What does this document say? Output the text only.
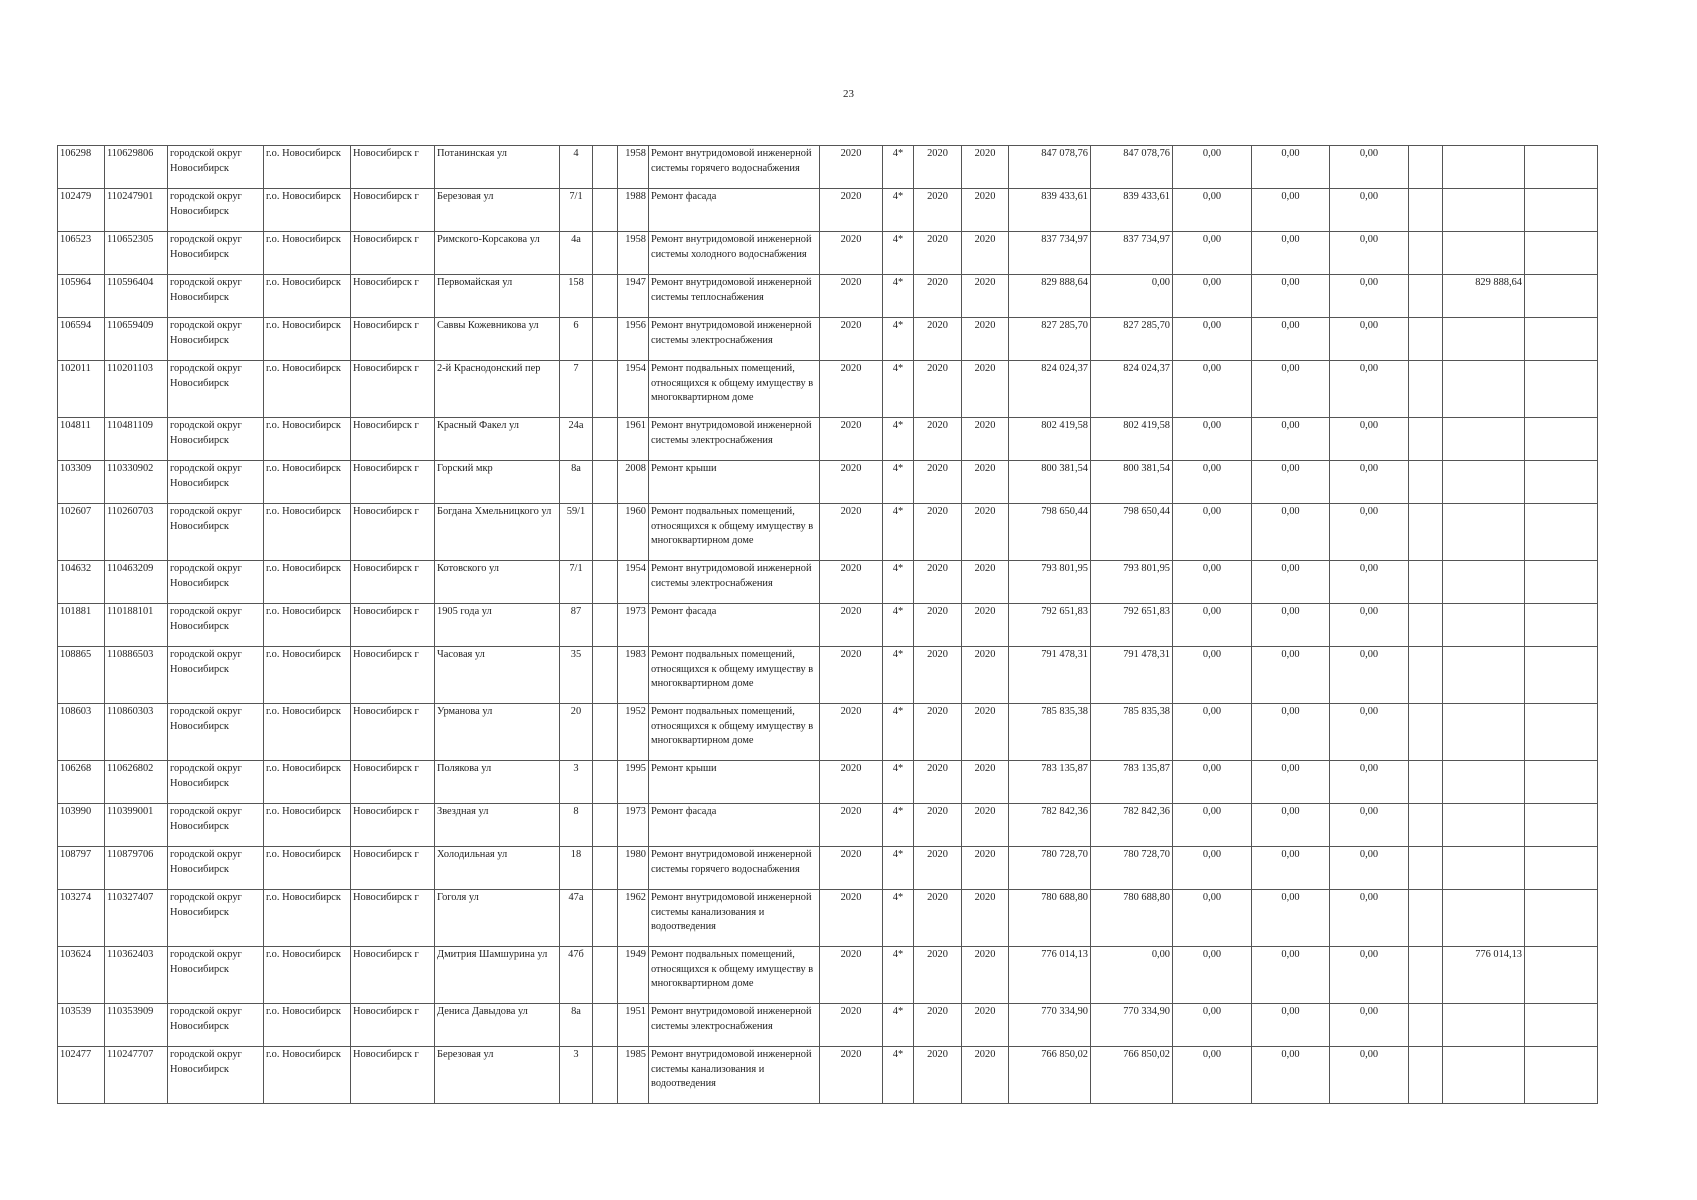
23
106298	110629806	городской округ Новосибирск	г.о. Новосибирск	Новосибирск г	Потанинская ул	4		1958	Ремонт внутридомовой инженерной системы горячего водоснабжения	2020	4*	2020	2020	847 078,76	847 078,76	0,00	0,00	0,00			
102479	110247901	городской округ Новосибирск	г.о. Новосибирск	Новосибирск г	Березовая ул	7/1		1988	Ремонт фасада	2020	4*	2020	2020	839 433,61	839 433,61	0,00	0,00	0,00			
106523	110652305	городской округ Новосибирск	г.о. Новосибирск	Новосибирск г	Римского-Корсакова ул	4а		1958	Ремонт внутридомовой инженерной системы холодного водоснабжения	2020	4*	2020	2020	837 734,97	837 734,97	0,00	0,00	0,00			
105964	110596404	городской округ Новосибирск	г.о. Новосибирск	Новосибирск г	Первомайская ул	158		1947	Ремонт внутридомовой инженерной системы теплоснабжения	2020	4*	2020	2020	829 888,64	0,00	0,00	0,00	0,00		829 888,64	
106594	110659409	городской округ Новосибирск	г.о. Новосибирск	Новосибирск г	Саввы Кожевникова ул	6		1956	Ремонт внутридомовой инженерной системы электроснабжения	2020	4*	2020	2020	827 285,70	827 285,70	0,00	0,00	0,00			
102011	110201103	городской округ Новосибирск	г.о. Новосибирск	Новосибирск г	2-й Краснодонский пер	7		1954	Ремонт подвальных помещений, относящихся к общему имуществу в многоквартирном доме	2020	4*	2020	2020	824 024,37	824 024,37	0,00	0,00	0,00			
104811	110481109	городской округ Новосибирск	г.о. Новосибирск	Новосибирск г	Красный Факел ул	24а		1961	Ремонт внутридомовой инженерной системы электроснабжения	2020	4*	2020	2020	802 419,58	802 419,58	0,00	0,00	0,00			
103309	110330902	городской округ Новосибирск	г.о. Новосибирск	Новосибирск г	Горский мкр	8а		2008	Ремонт крыши	2020	4*	2020	2020	800 381,54	800 381,54	0,00	0,00	0,00			
102607	110260703	городской округ Новосибирск	г.о. Новосибирск	Новосибирск г	Богдана Хмельницкого ул	59/1		1960	Ремонт подвальных помещений, относящихся к общему имуществу в многоквартирном доме	2020	4*	2020	2020	798 650,44	798 650,44	0,00	0,00	0,00			
104632	110463209	городской округ Новосибирск	г.о. Новосибирск	Новосибирск г	Котовского ул	7/1		1954	Ремонт внутридомовой инженерной системы электроснабжения	2020	4*	2020	2020	793 801,95	793 801,95	0,00	0,00	0,00			
101881	110188101	городской округ Новосибирск	г.о. Новосибирск	Новосибирск г	1905 года ул	87		1973	Ремонт фасада	2020	4*	2020	2020	792 651,83	792 651,83	0,00	0,00	0,00			
108865	110886503	городской округ Новосибирск	г.о. Новосибирск	Новосибирск г	Часовая ул	35		1983	Ремонт подвальных помещений, относящихся к общему имуществу в многоквартирном доме	2020	4*	2020	2020	791 478,31	791 478,31	0,00	0,00	0,00			
108603	110860303	городской округ Новосибирск	г.о. Новосибирск	Новосибирск г	Урманова ул	20		1952	Ремонт подвальных помещений, относящихся к общему имуществу в многоквартирном доме	2020	4*	2020	2020	785 835,38	785 835,38	0,00	0,00	0,00			
106268	110626802	городской округ Новосибирск	г.о. Новосибирск	Новосибирск г	Полякова ул	3		1995	Ремонт крыши	2020	4*	2020	2020	783 135,87	783 135,87	0,00	0,00	0,00			
103990	110399001	городской округ Новосибирск	г.о. Новосибирск	Новосибирск г	Звездная ул	8		1973	Ремонт фасада	2020	4*	2020	2020	782 842,36	782 842,36	0,00	0,00	0,00			
108797	110879706	городской округ Новосибирск	г.о. Новосибирск	Новосибирск г	Холодильная ул	18		1980	Ремонт внутридомовой инженерной системы горячего водоснабжения	2020	4*	2020	2020	780 728,70	780 728,70	0,00	0,00	0,00			
103274	110327407	городской округ Новосибирск	г.о. Новосибирск	Новосибирск г	Гоголя ул	47а		1962	Ремонт внутридомовой инженерной системы канализования и водоотведения	2020	4*	2020	2020	780 688,80	780 688,80	0,00	0,00	0,00			
103624	110362403	городской округ Новосибирск	г.о. Новосибирск	Новосибирск г	Дмитрия Шамшурина ул	47б		1949	Ремонт подвальных помещений, относящихся к общему имуществу в многоквартирном доме	2020	4*	2020	2020	776 014,13	0,00	0,00	0,00	0,00		776 014,13	
103539	110353909	городской округ Новосибирск	г.о. Новосибирск	Новосибирск г	Дениса Давыдова ул	8а		1951	Ремонт внутридомовой инженерной системы электроснабжения	2020	4*	2020	2020	770 334,90	770 334,90	0,00	0,00	0,00			
102477	110247707	городской округ Новосибирск	г.о. Новосибирск	Новосибирск г	Березовая ул	3		1985	Ремонт внутридомовой инженерной системы канализования и водоотведения	2020	4*	2020	2020	766 850,02	766 850,02	0,00	0,00	0,00			
